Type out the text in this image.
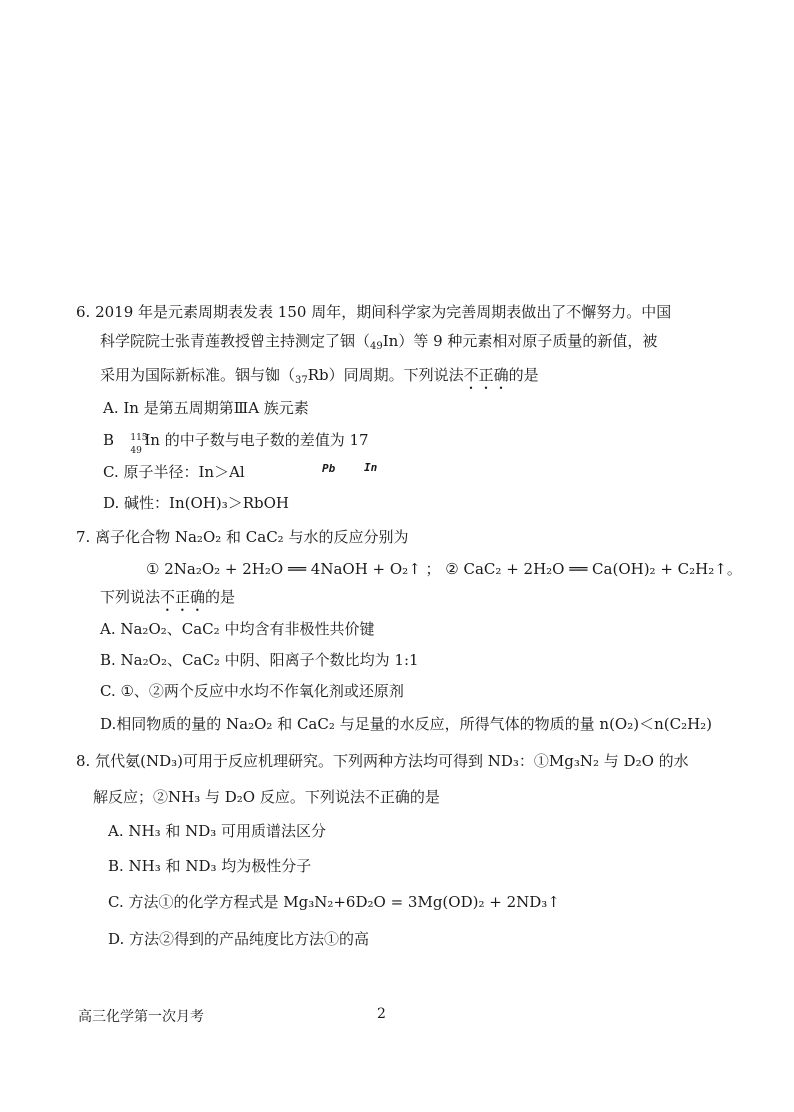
6. 2019 年是元素周期表发表 150 周年，期间科学家为完善周期表做出了不懈努力。中国
科学院院士张青莲教授曾主持测定了铟$(_{49}In)$等 9 种元素相对原子质量的新值，被
采用为国际新标准。铟与铷$(_{37}Rb)$同周期。下列说法不正确的是
A. In 是第五周期第ⅢA 族元素
B 115
49
In 的中子数与电子数的差值为 17
C. 原子半径：In＞Al	Pb	In
D. 碱性：In(OH)₃＞RbOH
7. 离子化合物 Na₂O₂ 和 CaC₂ 与水的反应分别为
① 2Na₂O₂ + 2H₂O ══ 4NaOH + O₂↑ ； ② CaC₂ + 2H₂O ══ Ca(OH)₂ + C₂H₂↑。
下列说法不正确的是
A. Na₂O₂、CaC₂ 中均含有非极性共价键
B. Na₂O₂、CaC₂ 中阴、阳离子个数比均为 1:1
C. ①、②两个反应中水均不作氧化剂或还原剂
D.相同物质的量的 Na₂O₂ 和 CaC₂ 与足量的水反应，所得气体的物质的量 n(O₂)＜n(C₂H₂)
8. 氘代氨(ND₃)可用于反应机理研究。下列两种方法均可得到 ND₃：①Mg₃N₂ 与 D₂O 的水
解反应；②NH₃ 与 D₂O 反应。下列说法不正确的是
A. NH₃ 和 ND₃ 可用质谱法区分
B. NH₃ 和 ND₃ 均为极性分子
C. 方法①的化学方程式是 Mg₃N₂+6D₂O = 3Mg(OD)₂ + 2ND₃↑
D. 方法②得到的产品纯度比方法①的高
高三化学第一次月考	2
